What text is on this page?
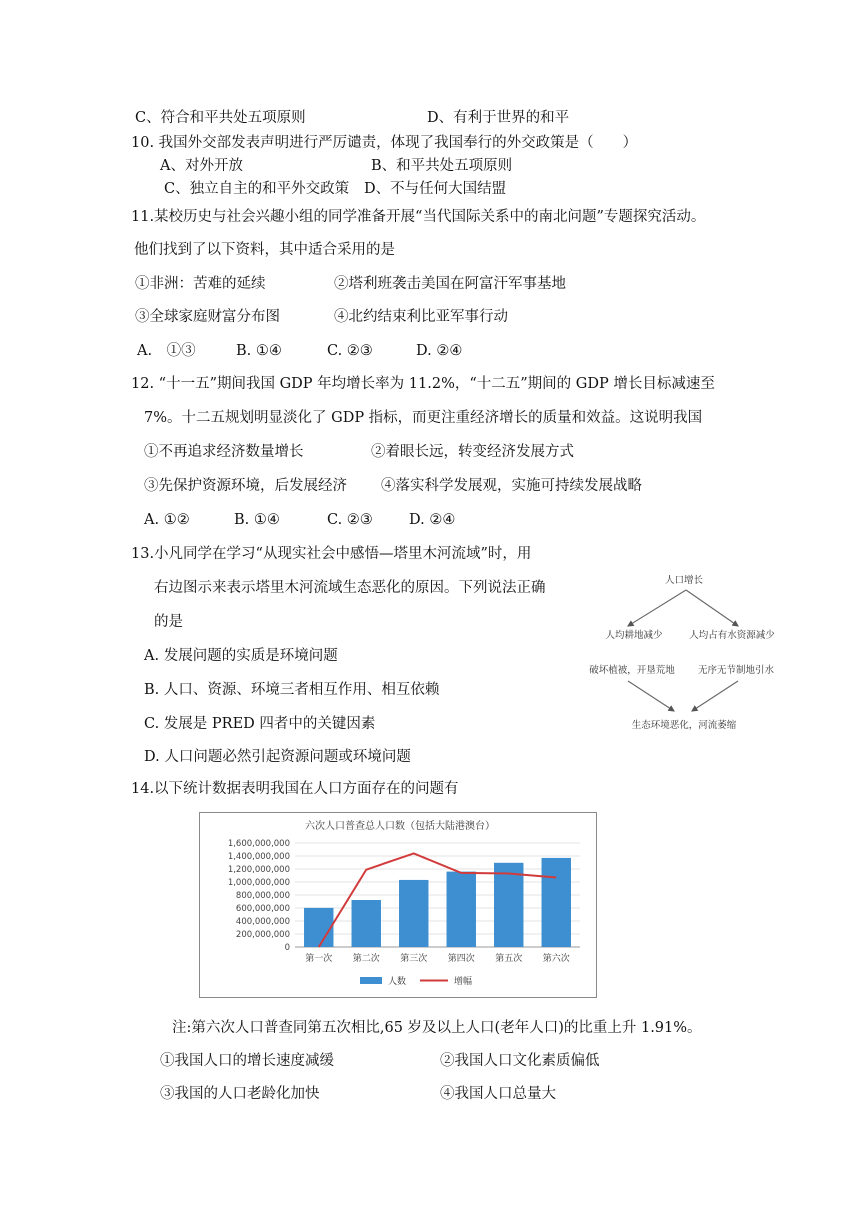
C、符合和平共处五项原则	D、有利于世界的和平
10. 我国外交部发表声明进行严厉谴责，体现了我国奉行的外交政策是（　　）
A、对外开放	B、和平共处五项原则
C、独立自主的和平外交政策 D、不与任何大国结盟
11.某校历史与社会兴趣小组的同学准备开展“当代国际关系中的南北问题”专题探究活动。
他们找到了以下资料，其中适合采用的是
①非洲：苦难的延续	②塔利班袭击美国在阿富汗军事基地
③全球家庭财富分布图	④北约结束利比亚军事行动
A.　①③	B. ①④	C. ②③	D. ②④
12. “十一五”期间我国 GDP 年均增长率为 11.2%，“十二五”期间的 GDP 增长目标减速至
7%。十二五规划明显淡化了 GDP 指标，而更注重经济增长的质量和效益。这说明我国
①不再追求经济数量增长	②着眼长远，转变经济发展方式
③先保护资源环境，后发展经济 ④落实科学发展观，实施可持续发展战略
A. ①②	B. ①④	C. ②③ D. ②④
13.小凡同学在学习“从现实社会中感悟—塔里木河流域”时，用
右边图示来表示塔里木河流域生态恶化的原因。下列说法正确
的是
A. 发展问题的实质是环境问题
B. 人口、资源、环境三者相互作用、相互依赖
C. 发展是 PRED 四者中的关键因素
D. 人口问题必然引起资源问题或环境问题
人口增长
人均耕地减少	人均占有水资源减少
破坏植被，开垦荒地 无序无节制地引水
生态环境恶化，河流萎缩
14.以下统计数据表明我国在人口方面存在的问题有
六次人口普查总人口数（包括大陆港澳台）
0
200,000,000
400,000,000
600,000,000
800,000,000
1,000,000,000
1,200,000,000
1,400,000,000
1,600,000,000
第一次 第二次 第三次 第四次 第五次 第六次
人数	增幅
注:第六次人口普查同第五次相比,65 岁及以上人口(老年人口)的比重上升 1.91%。
①我国人口的增长速度减缓	②我国人口文化素质偏低
③我国的人口老龄化加快	④我国人口总量大
